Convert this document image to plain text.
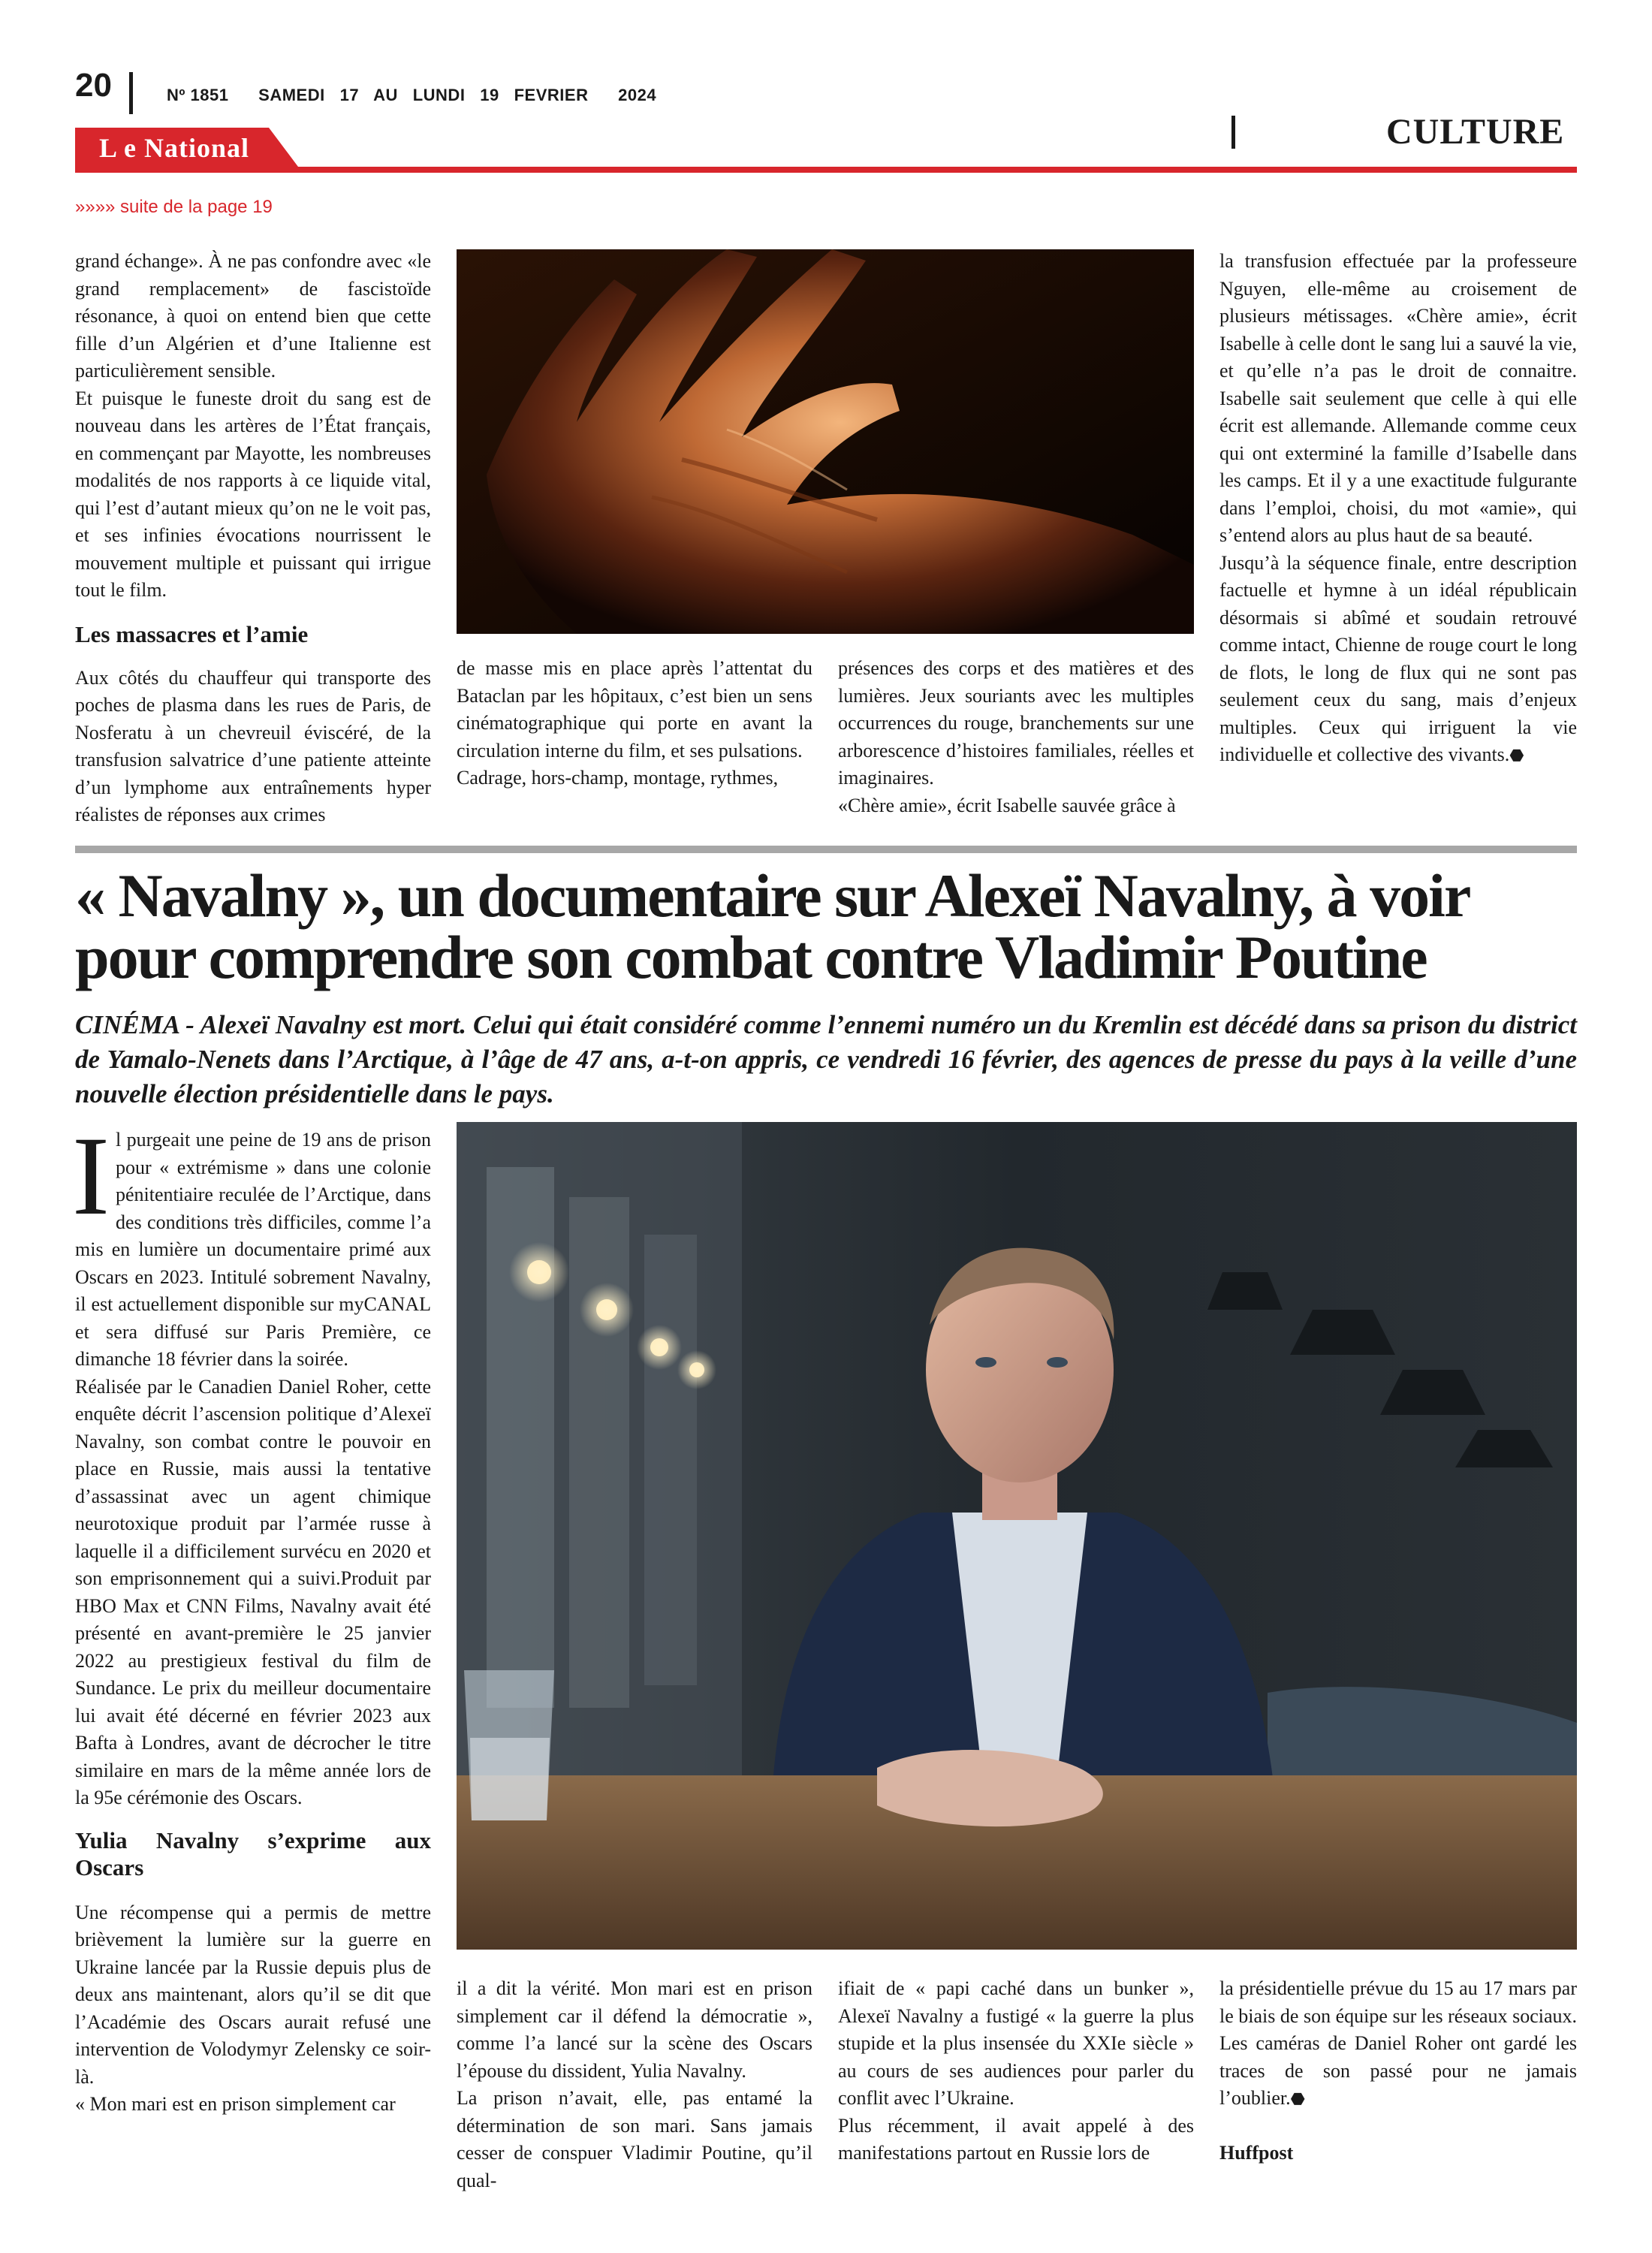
20	Nº 1851 SAMEDI 17 AU LUNDI 19 FEVRIER 2024
L e National	CULTURE
»»»» suite de la page 19

grand échange». À ne pas confondre avec «le grand remplacement» de fascistoïde résonance, à quoi on entend bien que cette fille d’un Algérien et d’une Italienne est particulièrement sensible.

Et puisque le funeste droit du sang est de nouveau dans les artères de l’État français, en commençant par Mayotte, les nombreuses modalités de nos rapports à ce liquide vital, qui l’est d’autant mieux qu’on ne le voit pas, et ses infinies évocations nourrissent le mouvement multiple et puissant qui irrigue tout le film.

Les massacres et l’amie

Aux côtés du chauffeur qui transporte des poches de plasma dans les rues de Paris, de Nosferatu à un chevreuil éviscéré, de la transfusion salvatrice d’une patiente atteinte d’un lymphome aux entraînements hyper réalistes de réponses aux crimes

de masse mis en place après l’attentat du Bataclan par les hôpitaux, c’est bien un sens cinématographique qui porte en avant la circulation interne du film, et ses pulsations.

Cadrage, hors-champ, montage, rythmes,

présences des corps et des matières et des lumières. Jeux souriants avec les multiples occurrences du rouge, branchements sur une arborescence d’histoires familiales, réelles et imaginaires.

«Chère amie», écrit Isabelle sauvée grâce à

la transfusion effectuée par la professeure Nguyen, elle-même au croisement de plusieurs métissages. «Chère amie», écrit Isabelle à celle dont le sang lui a sauvé la vie, et qu’elle n’a pas le droit de connaitre. Isabelle sait seulement que celle à qui elle écrit est allemande. Allemande comme ceux qui ont exterminé la famille d’Isabelle dans les camps. Et il y a une exactitude fulgurante dans l’emploi, choisi, du mot «amie», qui s’entend alors au plus haut de sa beauté.

Jusqu’à la séquence finale, entre description factuelle et hymne à un idéal républicain désormais si abîmé et soudain retrouvé comme intact, Chienne de rouge court le long de flots, le long de flux qui ne sont pas seulement ceux du sang, mais d’enjeux multiples. Ceux qui irriguent la vie individuelle et collective des vivants.⬣

« Navalny », un documentaire sur Alexeï Navalny, à voir
pour comprendre son combat contre Vladimir Poutine

CINÉMA - Alexeï Navalny est mort. Celui qui était considéré comme l’ennemi numéro un du Kremlin est décédé dans sa prison du district de Yamalo-Nenets dans l’Arctique, à l’âge de 47 ans, a-t-on appris, ce vendredi 16 février, des agences de presse du pays à la veille d’une nouvelle élection présidentielle dans le pays.

Il purgeait une peine de 19 ans de prison pour « extrémisme » dans une colonie pénitentiaire reculée de l’Arctique, dans des conditions très difficiles, comme l’a mis en lumière un documentaire primé aux Oscars en 2023. Intitulé sobrement Navalny, il est actuellement disponible sur myCANAL et sera diffusé sur Paris Première, ce dimanche 18 février dans la soirée.

Réalisée par le Canadien Daniel Roher, cette enquête décrit l’ascension politique d’Alexeï Navalny, son combat contre le pouvoir en place en Russie, mais aussi la tentative d’assassinat avec un agent chimique neurotoxique produit par l’armée russe à laquelle il a difficilement survécu en 2020 et son emprisonnement qui a suivi.Produit par HBO Max et CNN Films, Navalny avait été présenté en avant-première le 25 janvier 2022 au prestigieux festival du film de Sundance. Le prix du meilleur documentaire lui avait été décerné en février 2023 aux Bafta à Londres, avant de décrocher le titre similaire en mars de la même année lors de la 95e cérémonie des Oscars.

Yulia Navalny s’exprime aux Oscars

Une récompense qui a permis de mettre brièvement la lumière sur la guerre en Ukraine lancée par la Russie depuis plus de deux ans maintenant, alors qu’il se dit que l’Académie des Oscars aurait refusé une intervention de Volodymyr Zelensky ce soir-là.

« Mon mari est en prison simplement car

il a dit la vérité. Mon mari est en prison simplement car il défend la démocratie », comme l’a lancé sur la scène des Oscars l’épouse du dissident, Yulia Navalny.

La prison n’avait, elle, pas entamé la détermination de son mari. Sans jamais cesser de conspuer Vladimir Poutine, qu’il qual-

ifiait de « papi caché dans un bunker », Alexeï Navalny a fustigé « la guerre la plus stupide et la plus insensée du XXIe siècle » au cours de ses audiences pour parler du conflit avec l’Ukraine.

Plus récemment, il avait appelé à des manifestations partout en Russie lors de

la présidentielle prévue du 15 au 17 mars par le biais de son équipe sur les réseaux sociaux. Les caméras de Daniel Roher ont gardé les traces de son passé pour ne jamais l’oublier.⬣

Huffpost
